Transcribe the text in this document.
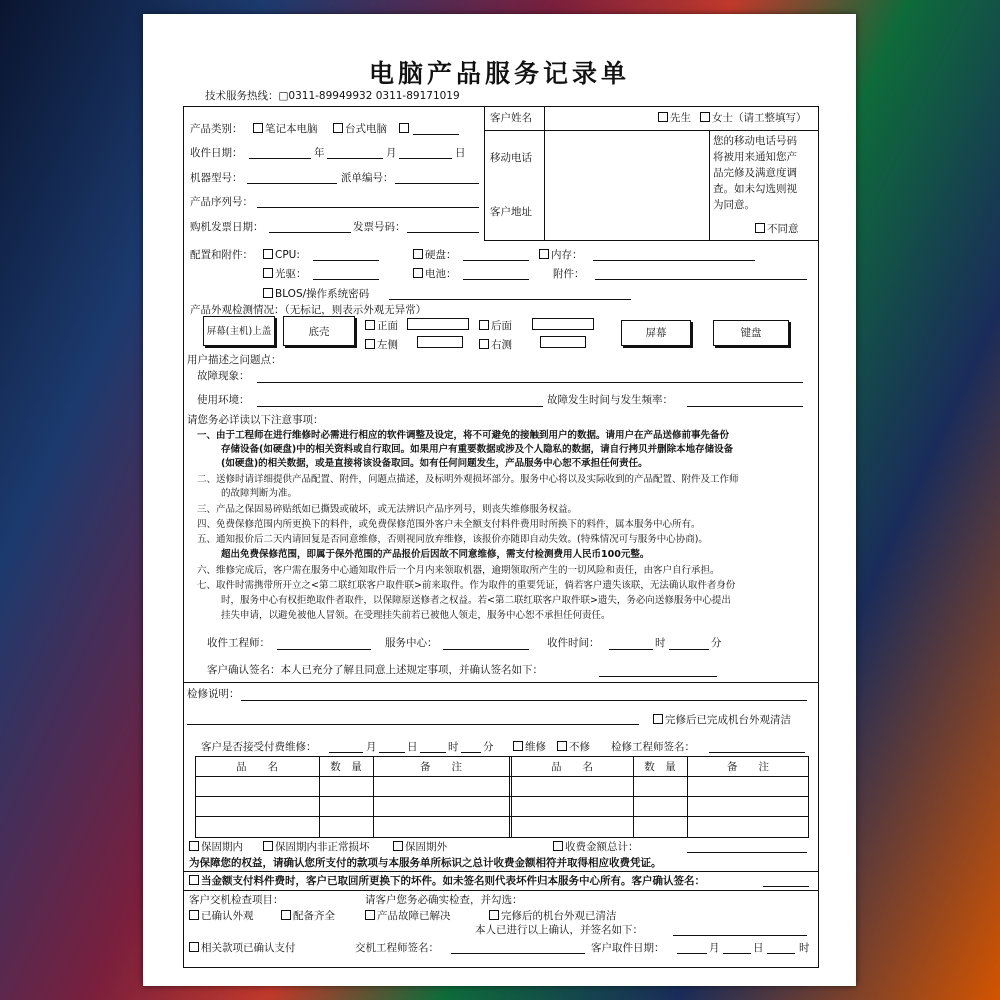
电脑产品服务记录单
技术服务热线：□0311-89949932 0311-89171019
产品类别：	笔记本电脑	台式电脑
收件日期：	年	月	日
机器型号：	派单编号：
产品序列号：
购机发票日期：	发票号码：
客户姓名	先生	女士（请工整填写）
移动电话
客户地址
您的移动电话号码
将被用来通知您产
品完修及满意度调
查。如未勾选则视
为同意。
不同意
配置和附件：	CPU:	硬盘：	内存：
光驱：	电池：	附件：
BLOS/操作系统密码
产品外观检测情况：（无标记，则表示外观无异常）
屏幕(主机)上盖	底壳	正面	后面
左侧	右测
屏幕	键盘
用户描述之问题点：
故障现象：
使用环境：	故障发生时间与发生频率：
请您务必详读以下注意事项：
一、由于工程师在进行维修时必需进行相应的软件调整及设定，将不可避免的接触到用户的数据。请用户在产品送修前事先备份
存储设备(如硬盘)中的相关资料或自行取回。如果用户有重要数据或涉及个人隐私的数据，请自行拷贝并删除本地存储设备
(如硬盘)的相关数据，或是直接将该设备取回。如有任何问题发生，产品服务中心恕不承担任何责任。
二、送修时请详细提供产品配置、附件，问题点描述，及标明外观损坏部分。服务中心将以及实际收到的产品配置、附件及工作师
的故障判断为准。
三、产品之保固易碎贴纸如已撕毁或破坏，或无法辨识产品序列号，则丧失维修服务权益。
四、免费保修范围内所更换下的料件，或免费保修范围外客户未全额支付料件费用时所换下的料件，属本服务中心所有。
五、通知报价后二天内请回复是否同意维修，否则视同放弃维修，该报价亦随即自动失效。(特殊情况可与服务中心协商)。
超出免费保修范围，即属于保外范围的产品报价后因故不同意维修，需支付检测费用人民币100元整。
六、维修完成后，客户需在服务中心通知取件后一个月内来领取机器，逾期领取所产生的一切风险和责任，由客户自行承担。
七、取件时需携带所开立之<第二联红联客户取件联>前来取件。作为取件的重要凭证，倘若客户遗失该联，无法确认取件者身份
时，服务中心有权拒绝取件者取件，以保障原送修者之权益。若<第二联红联客户取件联>遗失，务必向送修服务中心提出
挂失申请，以避免被他人冒领。在受理挂失前若已被他人领走，服务中心恕不承担任何责任。
收件工程师：	服务中心：	收件时间：	时	分
客户确认签名：本人已充分了解且同意上述规定事项，并确认签名如下：
检修说明：
完修后已完成机台外观清洁
客户是否接受付费维修：	月	日	时 分	维修	不修 检修工程师签名：
品　　名	数　量	备　　注	品　　名	数　量	备　　注
保固期内	保固期内非正常损坏	保固期外	收费金额总计：
为保障您的权益，请确认您所支付的款项与本服务单所标识之总计收费金额相符并取得相应收费凭证。
当金额支付料件费时，客户已取回所更换下的坏件。如未签名则代表坏件归本服务中心所有。客户确认签名：
客户交机检查项目：	请客户您务必确实检查，并勾选：
已确认外观	配备齐全	产品故障已解决	完修后的机台外观已清洁
本人已进行以上确认，并签名如下：
相关款项已确认支付	交机工程师签名：	客户取件日期：	月	日	时
